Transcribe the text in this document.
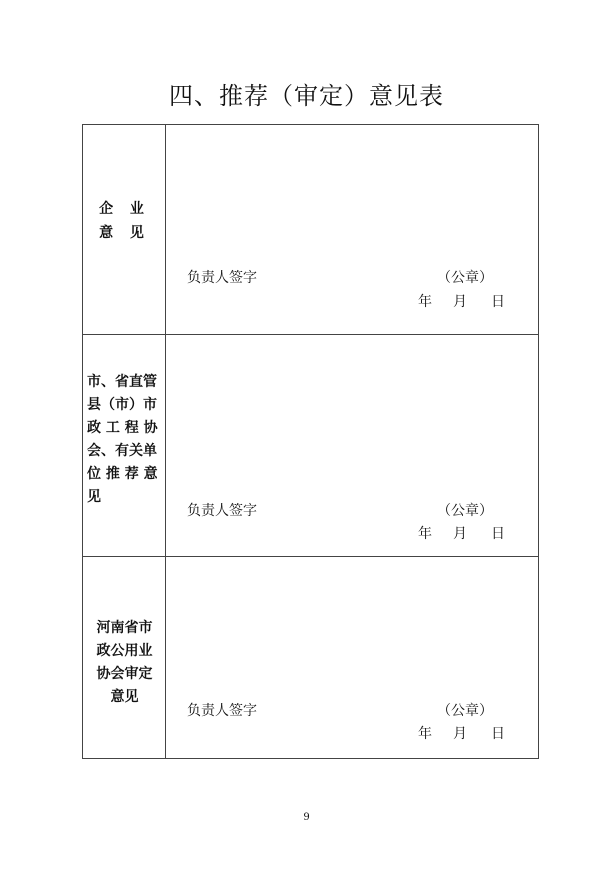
四、推荐（审定）意见表
企 业
意 见
负责人签字	（公章）
年 月 日
市、省直管
县（市）市
政 工 程 协
会、有关单
位 推 荐 意
见
负责人签字	（公章）
年 月 日
河南省市
政公用业
协会审定
意见
负责人签字	（公章）
年 月 日
9
